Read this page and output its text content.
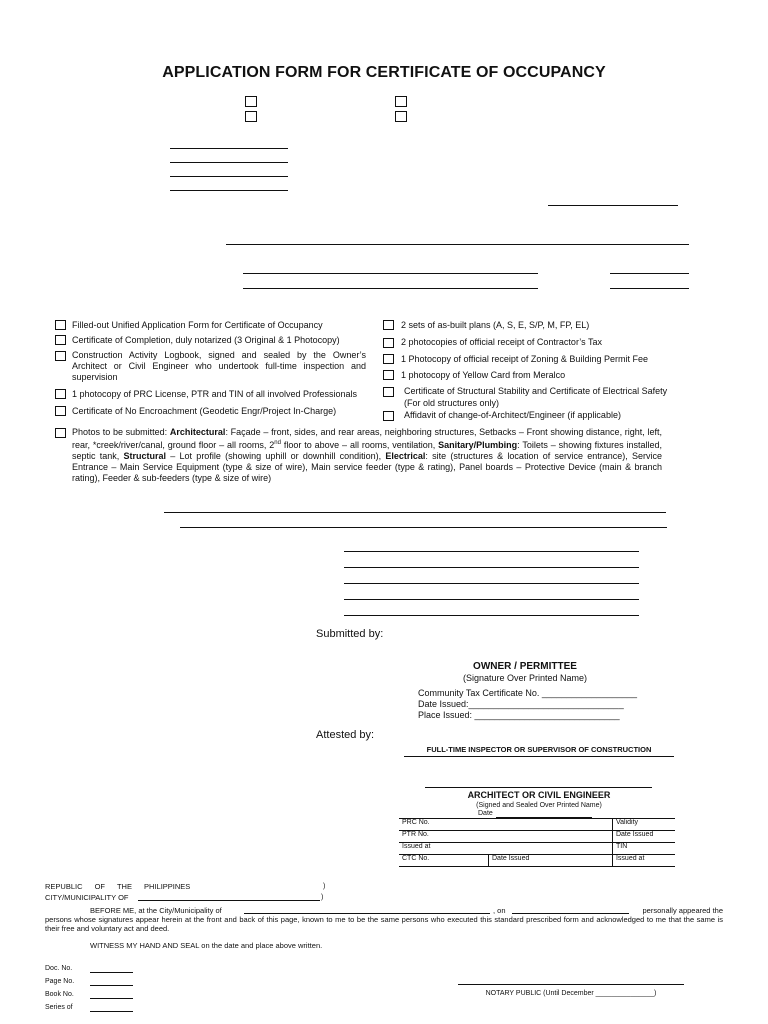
APPLICATION FORM FOR CERTIFICATE OF OCCUPANCY
Filled-out Unified Application Form for Certificate of Occupancy
Certificate of Completion, duly notarized (3 Original & 1 Photocopy)
Construction Activity Logbook, signed and sealed by the Owner’s Architect or Civil Engineer who undertook full-time inspection and supervision
1 photocopy of PRC License, PTR and TIN of all involved Professionals
Certificate of No Encroachment (Geodetic Engr/Project In-Charge)
2 sets of as-built plans (A, S, E, S/P, M, FP, EL)
2 photocopies of official receipt of Contractor’s Tax
1 Photocopy of official receipt of Zoning & Building Permit Fee
1 photocopy of Yellow Card from Meralco
Certificate of Structural Stability and Certificate of Electrical Safety
(For old structures only)
Affidavit of change-of-Architect/Engineer (if applicable)
Photos to be submitted: Architectural: Façade – front, sides, and rear areas, neighboring structures, Setbacks – Front showing distance, right, left, rear, *creek/river/canal, ground floor – all rooms, 2nd floor to above – all rooms, ventilation, Sanitary/Plumbing: Toilets – showing fixtures installed, septic tank, Structural – Lot profile (showing uphill or downhill condition), Electrical: site (structures & location of service entrance), Service Entrance – Main Service Equipment (type & size of wire), Main service feeder (type & rating), Panel boards – Protective Device (main & branch rating), Feeder & sub-feeders (type & size of wire)
Submitted by:
OWNER / PERMITTEE
(Signature Over Printed Name)
Community Tax Certificate No. ___________________
Date Issued:_______________________________
Place Issued: _____________________________
Attested by:
FULL-TIME INSPECTOR OR SUPERVISOR OF CONSTRUCTION
ARCHITECT OR CIVIL ENGINEER
(Signed and Sealed Over Printed Name)
Date
PRC No.		Validity
PTR No.		Date Issued
Issued at		TIN
CTC No.	Date Issued	Issued at
REPUBLIC OF THE PHILIPPINES	)
CITY/MUNICIPALITY OF	)
BEFORE ME, at the City/Municipality of	, on	personally appeared the
persons whose signatures appear herein at the front and back of this page, known to me to be the same persons who executed this standard prescribed form and acknowledged to me that the same is their free and voluntary act and deed.
WITNESS MY HAND AND SEAL on the date and place above written.
Doc. No.
Page No.
Book No.
Series of
NOTARY PUBLIC (Until December _______________)
